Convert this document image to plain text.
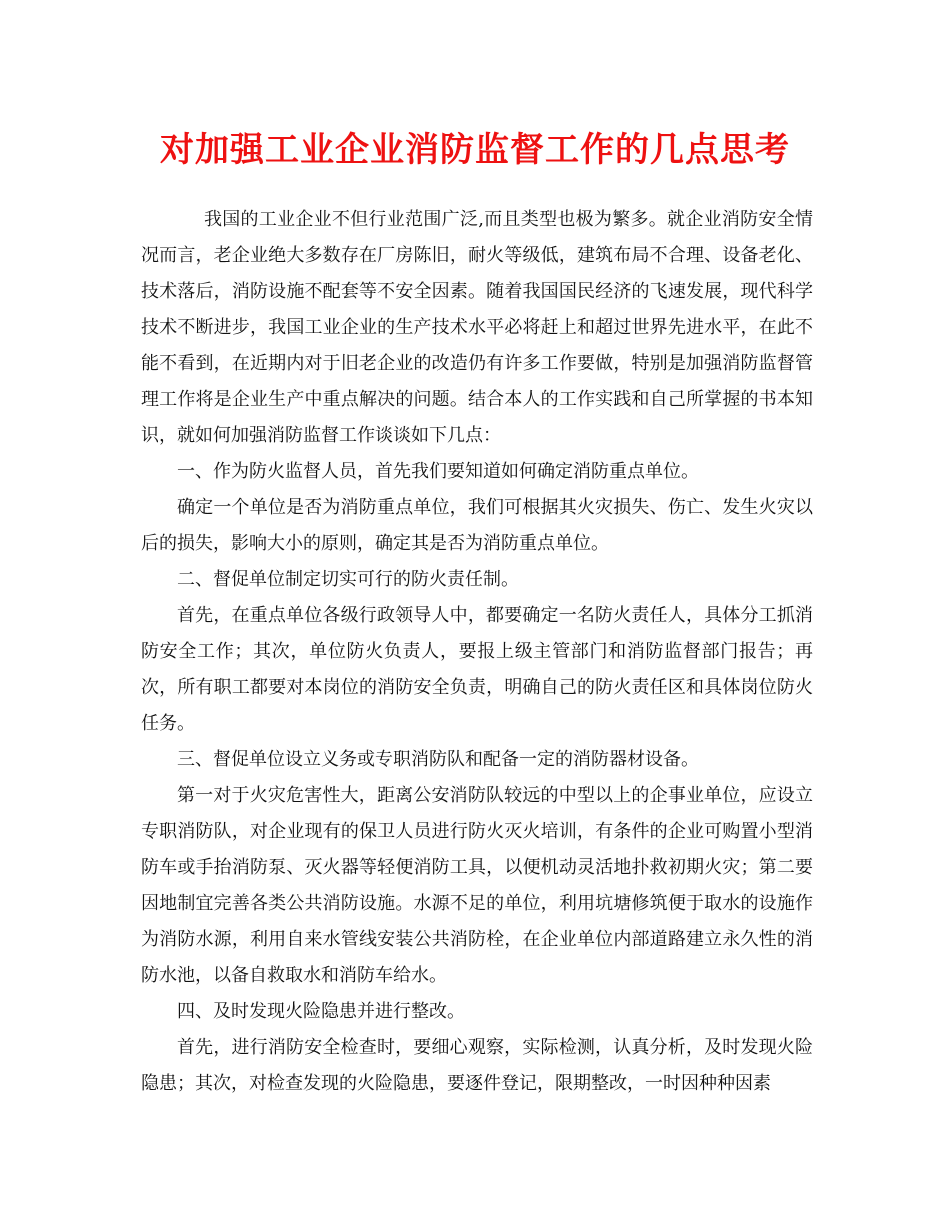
对加强工业企业消防监督工作的几点思考

我国的工业企业不但行业范围广泛,而且类型也极为繁多。就企业消防安全情况而言，老企业绝大多数存在厂房陈旧，耐火等级低，建筑布局不合理、设备老化、技术落后，消防设施不配套等不安全因素。随着我国国民经济的飞速发展，现代科学技术不断进步，我国工业企业的生产技术水平必将赶上和超过世界先进水平，在此不能不看到，在近期内对于旧老企业的改造仍有许多工作要做，特别是加强消防监督管理工作将是企业生产中重点解决的问题。结合本人的工作实践和自己所掌握的书本知识，就如何加强消防监督工作谈谈如下几点：

一、作为防火监督人员，首先我们要知道如何确定消防重点单位。

确定一个单位是否为消防重点单位，我们可根据其火灾损失、伤亡、发生火灾以后的损失，影响大小的原则，确定其是否为消防重点单位。

二、督促单位制定切实可行的防火责任制。

首先，在重点单位各级行政领导人中，都要确定一名防火责任人，具体分工抓消防安全工作；其次，单位防火负责人，要报上级主管部门和消防监督部门报告；再次，所有职工都要对本岗位的消防安全负责，明确自己的防火责任区和具体岗位防火任务。

三、督促单位设立义务或专职消防队和配备一定的消防器材设备。

第一对于火灾危害性大，距离公安消防队较远的中型以上的企事业单位，应设立专职消防队，对企业现有的保卫人员进行防火灭火培训，有条件的企业可购置小型消防车或手抬消防泵、灭火器等轻便消防工具，以便机动灵活地扑救初期火灾；第二要因地制宜完善各类公共消防设施。水源不足的单位，利用坑塘修筑便于取水的设施作为消防水源，利用自来水管线安装公共消防栓，在企业单位内部道路建立永久性的消防水池，以备自救取水和消防车给水。

四、及时发现火险隐患并进行整改。

首先，进行消防安全检查时，要细心观察，实际检测，认真分析，及时发现火险隐患；其次，对检查发现的火险隐患，要逐件登记，限期整改，一时因种种因素
